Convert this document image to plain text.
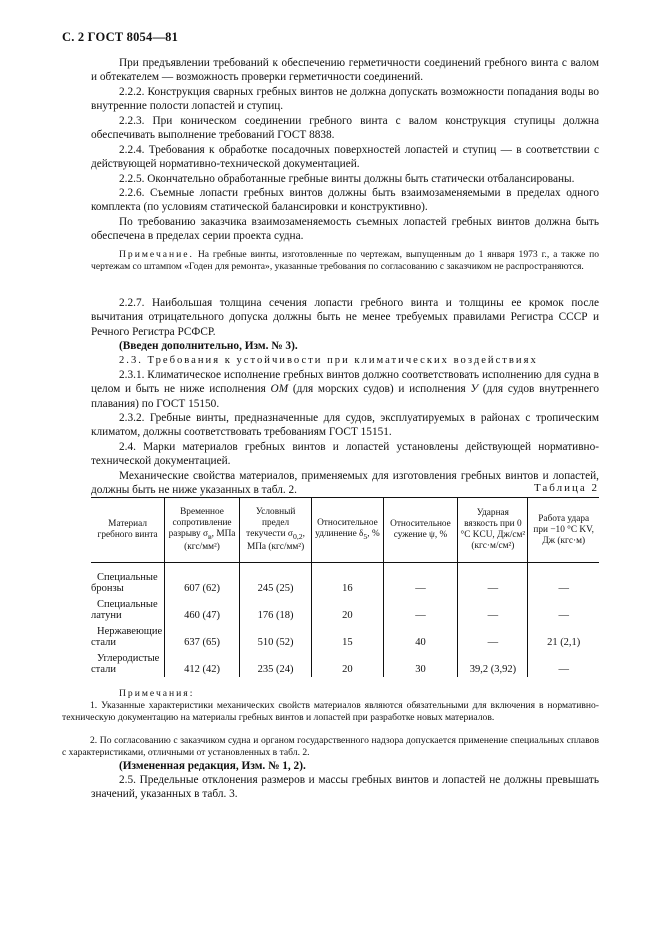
С. 2 ГОСТ 8054—81
При предъявлении требований к обеспечению герметичности соединений гребного винта с валом и обтекателем — возможность проверки герметичности соединений.
2.2.2. Конструкция сварных гребных винтов не должна допускать возможности попадания воды во внутренние полости лопастей и ступиц.
2.2.3. При коническом соединении гребного винта с валом конструкция ступицы должна обеспечивать выполнение требований ГОСТ 8838.
2.2.4. Требования к обработке посадочных поверхностей лопастей и ступиц — в соответствии с действующей нормативно-технической документацией.
2.2.5. Окончательно обработанные гребные винты должны быть статически отбалансированы.
2.2.6. Съемные лопасти гребных винтов должны быть взаимозаменяемыми в пределах одного комплекта (по условиям статической балансировки и конструктивно).
По требованию заказчика взаимозаменяемость съемных лопастей гребных винтов должна быть обеспечена в пределах серии проекта судна.
Примечание. На гребные винты, изготовленные по чертежам, выпущенным до 1 января 1973 г., а также по чертежам со штампом «Годен для ремонта», указанные требования по согласованию с заказчиком не распространяются.
2.2.7. Наибольшая толщина сечения лопасти гребного винта и толщины ее кромок после вычитания отрицательного допуска должны быть не менее требуемых правилами Регистра СССР и Речного Регистра РСФСР.
(Введен дополнительно, Изм. № 3).
2.3. Требования к устойчивости при климатических воздействиях
2.3.1. Климатическое исполнение гребных винтов должно соответствовать исполнению для судна в целом и быть не ниже исполнения ОМ (для морских судов) и исполнения У (для судов внутреннего плавания) по ГОСТ 15150.
2.3.2. Гребные винты, предназначенные для судов, эксплуатируемых в районах с тропическим климатом, должны соответствовать требованиям ГОСТ 15151.
2.4. Марки материалов гребных винтов и лопастей установлены действующей нормативно-технической документацией.
Механические свойства материалов, применяемых для изготовления гребных винтов и лопастей, должны быть не ниже указанных в табл. 2.	Таблица 2
Материал гребного винта	Временное сопротивление разрыву $\sigma_в$, МПа (кгс/мм²)	Условный предел текучести $\sigma_{0,2}$, МПа (кгс/мм²)	Относительное удлинение $\delta_5$, %	Относительное сужение ψ, %	Ударная вязкость при 0 °C KCU, Дж/см² (кгс·м/см²)	Работа удара при −10 °C KV, Дж (кгс·м)

Специальные
бронзы	607 (62)	245 (25)	16	—	—	—

Специальные
латуни	460 (47)	176 (18)	20	—	—	—

Нержавеющие
стали	637 (65)	510 (52)	15	40	—	21 (2,1)

Углеродистые
стали	412 (42)	235 (24)	20	30	39,2 (3,92)	—
Примечания:
1. Указанные характеристики механических свойств материалов являются обязательными для включения в нормативно-техническую документацию на материалы гребных винтов и лопастей при разработке новых материалов.
2. По согласованию с заказчиком судна и органом государственного надзора допускается применение специальных сплавов с характеристиками, отличными от установленных в табл. 2.
(Измененная редакция, Изм. № 1, 2).
2.5. Предельные отклонения размеров и массы гребных винтов и лопастей не должны превышать значений, указанных в табл. 3.
